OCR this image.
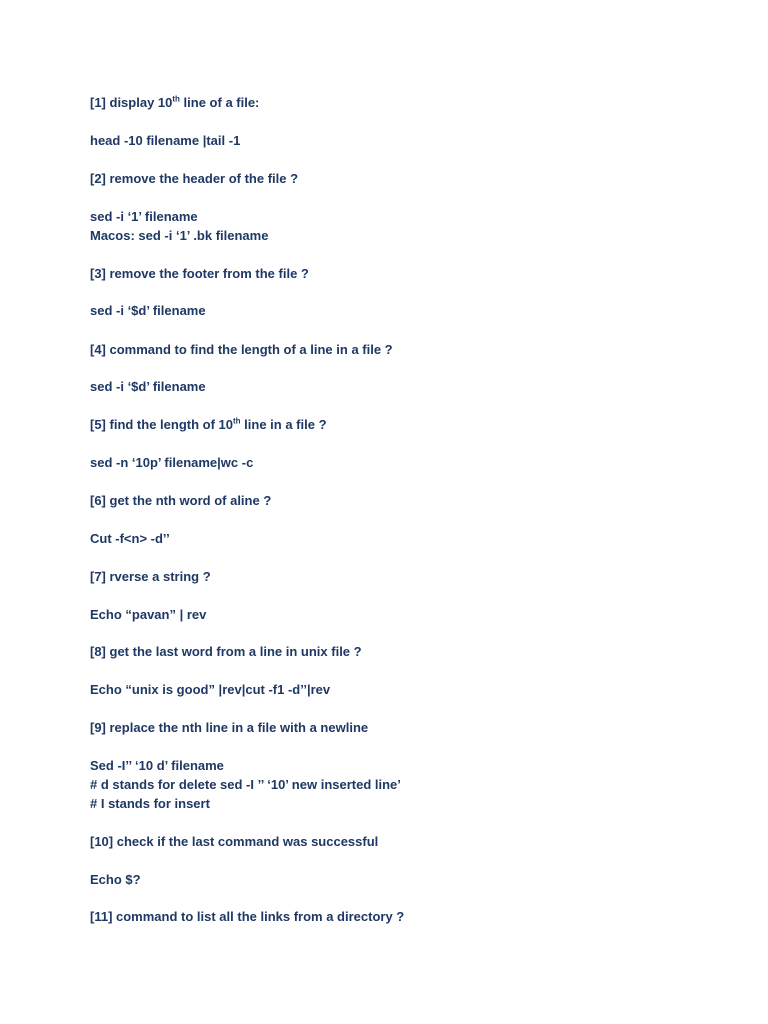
[1] display 10th line of a file:

head -10 filename |tail -1

[2] remove the header of the file ?

sed -i ‘1’ filename

Macos: sed -i ‘1’ .bk filename

[3] remove the footer from the file ?

sed -i ‘$d’ filename

[4] command to find the length of a line in a file ?

sed -i ‘$d’ filename

[5] find the length of 10th line in a file ?

sed -n ‘10p’ filename|wc -c

[6] get the nth word of aline ?

Cut -f<n> -d’’

[7] rverse a string ?

Echo “pavan” | rev

[8] get the last word from a line in unix file ?

Echo “unix is good” |rev|cut -f1 -d’’|rev

[9] replace the nth line in a file with a newline

Sed -I’’ ‘10 d’ filename

# d stands for delete sed -I ’’ ‘10’ new inserted line’

# I stands for insert

[10] check if the last command was successful

Echo $?

[11] command to list all the links from a directory ?
